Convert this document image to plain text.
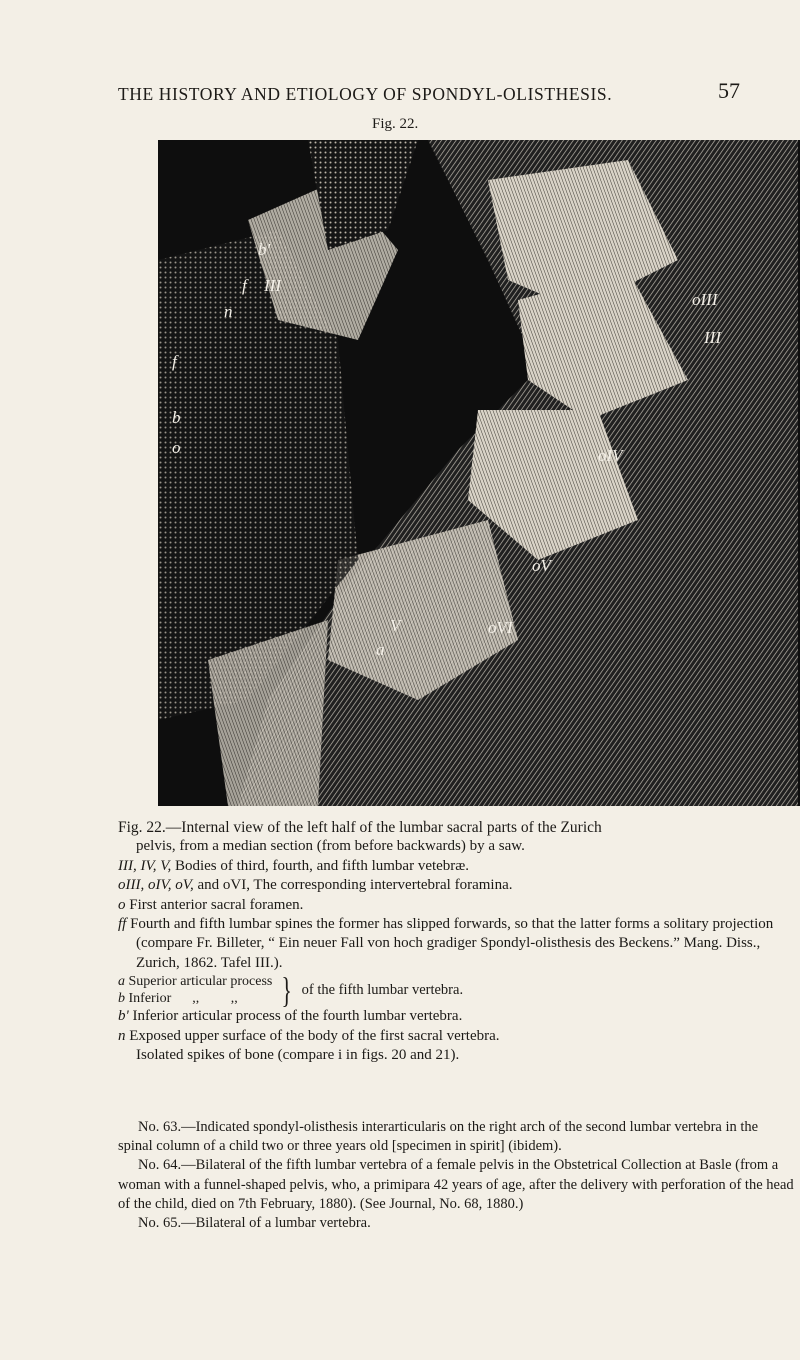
THE HISTORY AND ETIOLOGY OF SPONDYL-OLISTHESIS.	57
Fig. 22.
b'
f III
n
f
b
o
oIII
III
oIV
oV
V
a
oVI

Fig. 22.—Internal view of the left half of the lumbar sacral parts of the Zurich

pelvis, from a median section (from before backwards) by a saw.

III, IV, V, Bodies of third, fourth, and fifth lumbar vetebræ.

oIII, oIV, oV, and oVI, The corresponding intervertebral foramina.

o First anterior sacral foramen.

ff Fourth and fifth lumbar spines the former has slipped forwards, so that the latter forms a solitary projection (compare Fr. Billeter, “ Ein neuer Fall von hoch gradiger Spondyl-olisthesis des Beckens.” Mang. Diss., Zurich, 1862. Tafel III.).

a Superior articular process
b Inferior      ,,         ,,	} of the fifth lumbar vertebra.

b' Inferior articular process of the fourth lumbar vertebra.

n Exposed upper surface of the body of the first sacral vertebra.

Isolated spikes of bone (compare i in figs. 20 and 21).

No. 63.—Indicated spondyl-olisthesis interarticularis on the right arch of the second lumbar vertebra in the spinal column of a child two or three years old [specimen in spirit] (ibidem).

No. 64.—Bilateral of the fifth lumbar vertebra of a female pelvis in the Obstetrical Collection at Basle (from a woman with a funnel-shaped pelvis, who, a primipara 42 years of age, after the delivery with perforation of the head of the child, died on 7th February, 1880). (See Journal, No. 68, 1880.)

No. 65.—Bilateral of a lumbar vertebra.
